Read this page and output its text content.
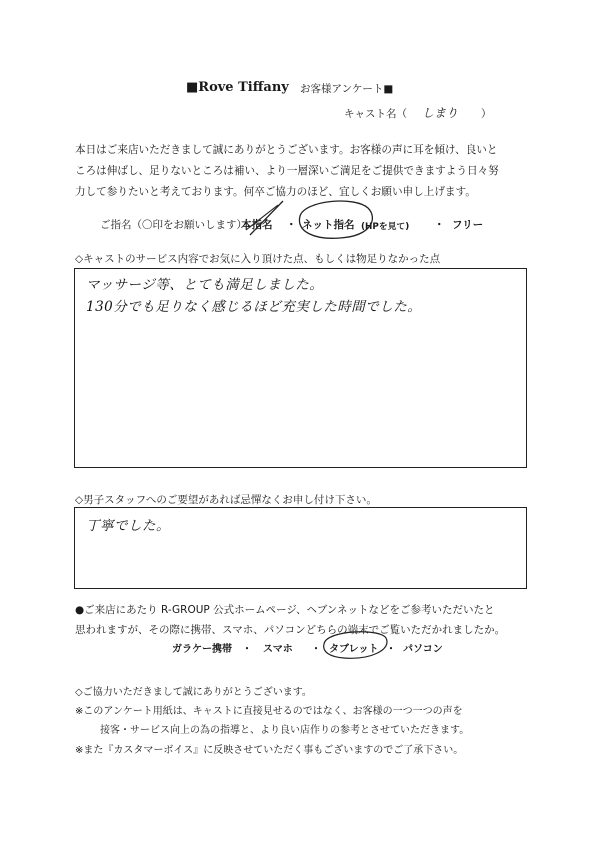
■Rove Tiffany お客様アンケート■
キャスト名（	）
しまり
本日はご来店いただきまして誠にありがとうございます。お客様の声に耳を傾け、良いと
ころは伸ばし、足りないところは補い、より一層深いご満足をご提供できますよう日々努
力して参りたいと考えております。何卒ご協力のほど、宜しくお願い申し上げます。
ご指名（〇印をお願いします）
本指名 ・ ネット指名 (HPを見て) ・ フリー
◇キャストのサービス内容でお気に入り頂けた点、もしくは物足りなかった点
マッサージ等、とても満足しました。
130分でも足りなく感じるほど充実した時間でした。
◇男子スタッフへのご要望があれば忌憚なくお申し付け下さい。
丁寧でした。
●ご来店にあたり R-GROUP 公式ホームページ、ヘブンネットなどをご参考いただいたと
思われますが、その際に携帯、スマホ、パソコンどちらの端末でご覧いただかれましたか。
ガラケー携帯 ・ スマホ ・ タブレット ・ パソコン
◇ご協力いただきまして誠にありがとうございます。
※このアンケート用紙は、キャストに直接見せるのではなく、お客様の一つ一つの声を
接客・サービス向上の為の指導と、より良い店作りの参考とさせていただきます。
※また『カスタマーボイス』に反映させていただく事もございますのでご了承下さい。
